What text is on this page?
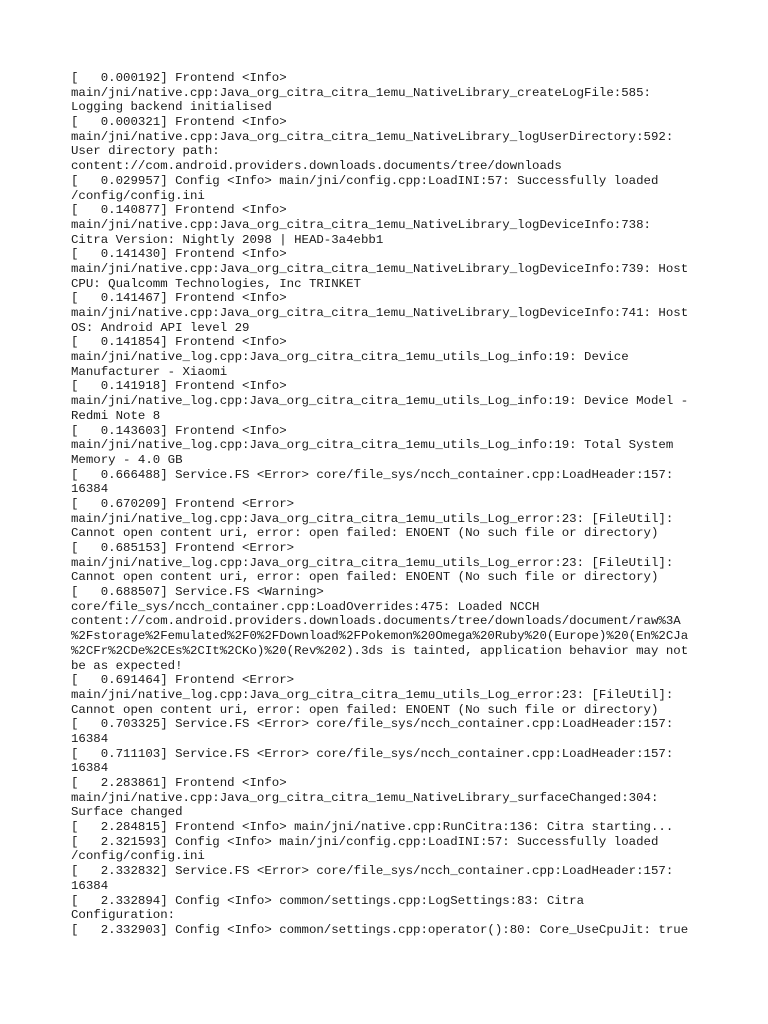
[   0.000192] Frontend <Info>

main/jni/native.cpp:Java_org_citra_citra_1emu_NativeLibrary_createLogFile:585:

Logging backend initialised

[   0.000321] Frontend <Info>

main/jni/native.cpp:Java_org_citra_citra_1emu_NativeLibrary_logUserDirectory:592:

User directory path:

content://com.android.providers.downloads.documents/tree/downloads

[   0.029957] Config <Info> main/jni/config.cpp:LoadINI:57: Successfully loaded

/config/config.ini

[   0.140877] Frontend <Info>

main/jni/native.cpp:Java_org_citra_citra_1emu_NativeLibrary_logDeviceInfo:738:

Citra Version: Nightly 2098 | HEAD-3a4ebb1

[   0.141430] Frontend <Info>

main/jni/native.cpp:Java_org_citra_citra_1emu_NativeLibrary_logDeviceInfo:739: Host

CPU: Qualcomm Technologies, Inc TRINKET

[   0.141467] Frontend <Info>

main/jni/native.cpp:Java_org_citra_citra_1emu_NativeLibrary_logDeviceInfo:741: Host

OS: Android API level 29

[   0.141854] Frontend <Info>

main/jni/native_log.cpp:Java_org_citra_citra_1emu_utils_Log_info:19: Device

Manufacturer - Xiaomi

[   0.141918] Frontend <Info>

main/jni/native_log.cpp:Java_org_citra_citra_1emu_utils_Log_info:19: Device Model -

Redmi Note 8

[   0.143603] Frontend <Info>

main/jni/native_log.cpp:Java_org_citra_citra_1emu_utils_Log_info:19: Total System

Memory - 4.0 GB

[   0.666488] Service.FS <Error> core/file_sys/ncch_container.cpp:LoadHeader:157:

16384

[   0.670209] Frontend <Error>

main/jni/native_log.cpp:Java_org_citra_citra_1emu_utils_Log_error:23: [FileUtil]:

Cannot open content uri, error: open failed: ENOENT (No such file or directory)

[   0.685153] Frontend <Error>

main/jni/native_log.cpp:Java_org_citra_citra_1emu_utils_Log_error:23: [FileUtil]:

Cannot open content uri, error: open failed: ENOENT (No such file or directory)

[   0.688507] Service.FS <Warning>

core/file_sys/ncch_container.cpp:LoadOverrides:475: Loaded NCCH

content://com.android.providers.downloads.documents/tree/downloads/document/raw%3A

%2Fstorage%2Femulated%2F0%2FDownload%2FPokemon%20Omega%20Ruby%20(Europe)%20(En%2CJa

%2CFr%2CDe%2CEs%2CIt%2CKo)%20(Rev%202).3ds is tainted, application behavior may not

be as expected!

[   0.691464] Frontend <Error>

main/jni/native_log.cpp:Java_org_citra_citra_1emu_utils_Log_error:23: [FileUtil]:

Cannot open content uri, error: open failed: ENOENT (No such file or directory)

[   0.703325] Service.FS <Error> core/file_sys/ncch_container.cpp:LoadHeader:157:

16384

[   0.711103] Service.FS <Error> core/file_sys/ncch_container.cpp:LoadHeader:157:

16384

[   2.283861] Frontend <Info>

main/jni/native.cpp:Java_org_citra_citra_1emu_NativeLibrary_surfaceChanged:304:

Surface changed

[   2.284815] Frontend <Info> main/jni/native.cpp:RunCitra:136: Citra starting...

[   2.321593] Config <Info> main/jni/config.cpp:LoadINI:57: Successfully loaded

/config/config.ini

[   2.332832] Service.FS <Error> core/file_sys/ncch_container.cpp:LoadHeader:157:

16384

[   2.332894] Config <Info> common/settings.cpp:LogSettings:83: Citra

Configuration:

[   2.332903] Config <Info> common/settings.cpp:operator():80: Core_UseCpuJit: true
